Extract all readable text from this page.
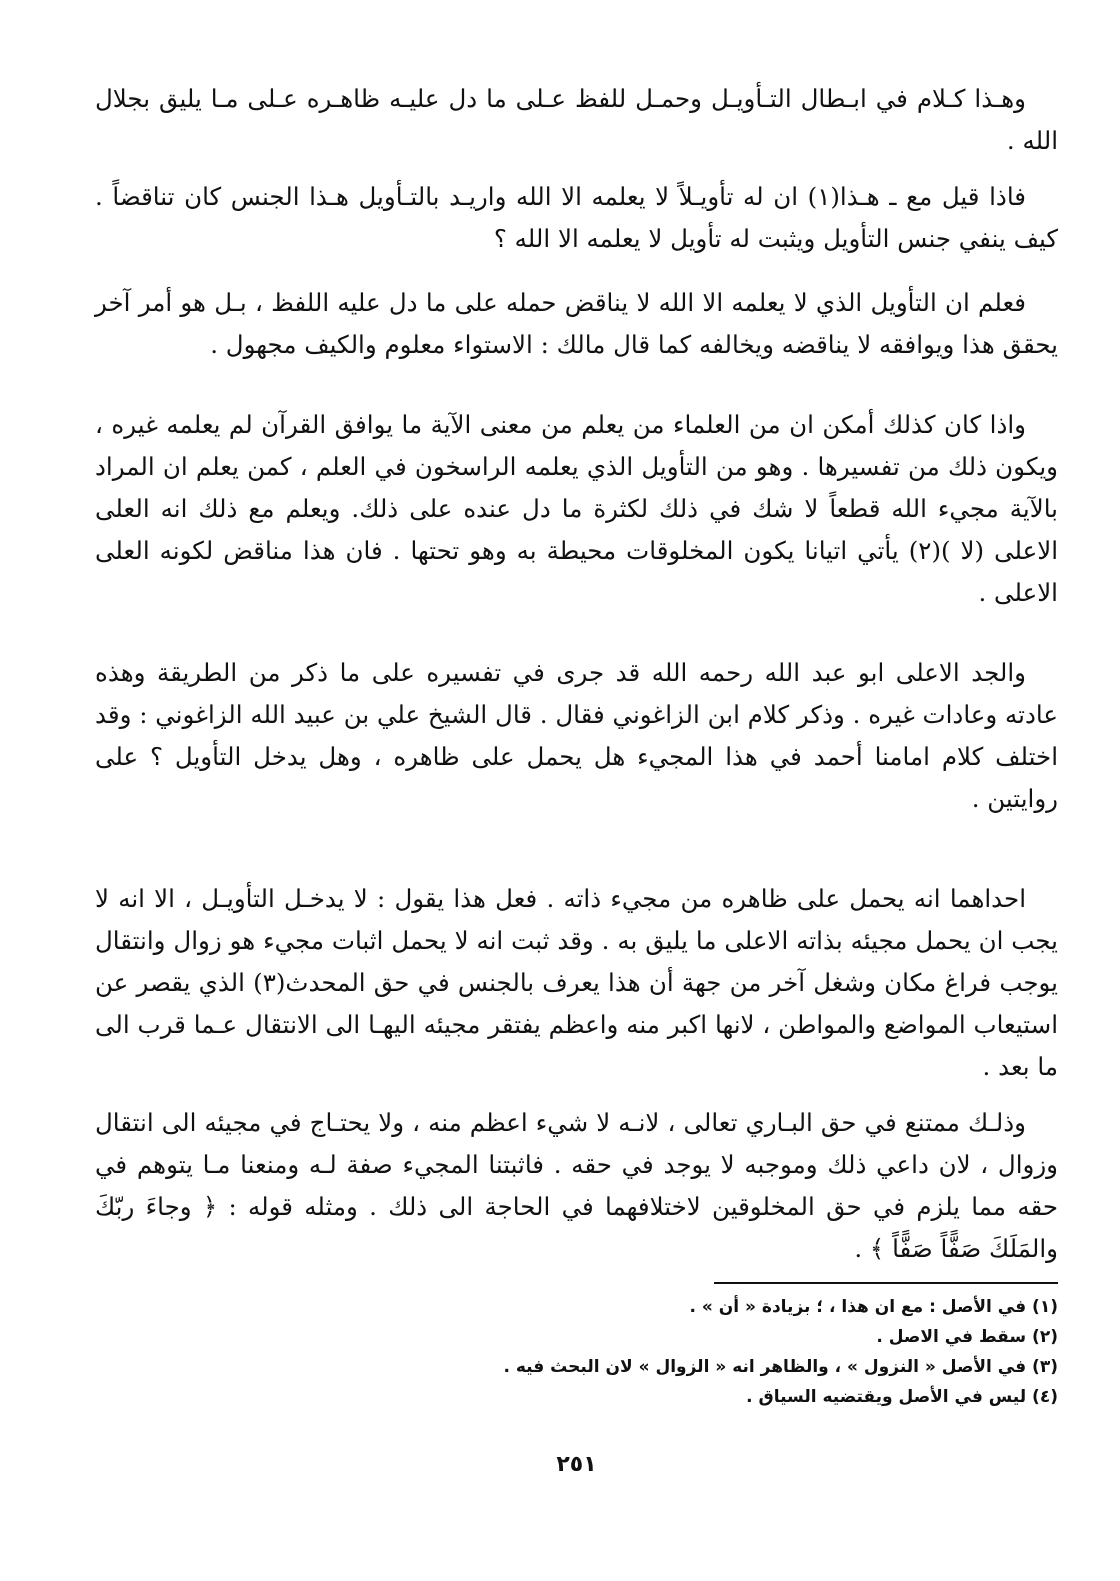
وهـذا كـلام في ابـطال التـأويـل وحمـل للفظ عـلى ما دل عليـه ظاهـره عـلى مـا يليق بجلال الله .

فاذا قيل مع ـ هـذا(١) ان له تأويـلاً لا يعلمه الا الله واريـد بالتـأويل هـذا الجنس كان تناقضاً . كيف ينفي جنس التأويل ويثبت له تأويل لا يعلمه الا الله ؟

فعلم ان التأويل الذي لا يعلمه الا الله لا يناقض حمله على ما دل عليه اللفظ ، بـل هو أمر آخر يحقق هذا ويوافقه لا يناقضه ويخالفه كما قال مالك : الاستواء معلوم والكيف مجهول .

واذا كان كذلك أمكن ان من العلماء من يعلم من معنى الآية ما يوافق القرآن لم يعلمه غيره ، ويكون ذلك من تفسيرها . وهو من التأويل الذي يعلمه الراسخون في العلم ، كمن يعلم ان المراد بالآية مجيء الله قطعاً لا شك في ذلك لكثرة ما دل عنده على ذلك. ويعلم مع ذلك انه العلى الاعلى (لا )(٢) يأتي اتيانا يكون المخلوقات محيطة به وهو تحتها . فان هذا مناقض لكونه العلى الاعلى .

والجد الاعلى ابو عبد الله رحمه الله قد جرى في تفسيره على ما ذكر من الطريقة وهذه عادته وعادات غيره . وذكر كلام ابن الزاغوني فقال . قال الشيخ علي بن عبيد الله الزاغوني : وقد اختلف كلام امامنا أحمد في هذا المجيء هل يحمل على ظاهره ، وهل يدخل التأويل ؟ على روايتين .

احداهما انه يحمل على ظاهره من مجيء ذاته . فعل هذا يقول : لا يدخـل التأويـل ، الا انه لا يجب ان يحمل مجيئه بذاته الاعلى ما يليق به . وقد ثبت انه لا يحمل اثبات مجيء هو زوال وانتقال يوجب فراغ مكان وشغل آخر من جهة أن هذا يعرف بالجنس في حق المحدث(٣) الذي يقصر عن استيعاب المواضع والمواطن ، لانها اكبر منه واعظم يفتقر مجيئه اليهـا الى الانتقال عـما قرب الى ما بعد .

وذلـك ممتنع في حق البـاري تعالى ، لانـه لا شيء اعظم منه ، ولا يحتـاج في مجيئه الى انتقال وزوال ، لان داعي ذلك وموجبه لا يوجد في حقه . فاثبتنا المجيء صفة لـه ومنعنا مـا يتوهم في حقه مما يلزم في حق المخلوقين لاختلافهما في الحاجة الى ذلك . ومثله قوله : ﴿ وجاءَ ربّكَ والمَلَكَ صَفًّاً صَفًّاً ﴾ .

(١) في الأصل : مع ان هذا ، ؛ بزيادة « أن » .

(٢) سقط في الاصل .

(٣) في الأصل « النزول » ، والظاهر انه « الزوال » لان البحث فيه .

(٤) ليس في الأصل ويقتضيه السياق .

٢٥١
